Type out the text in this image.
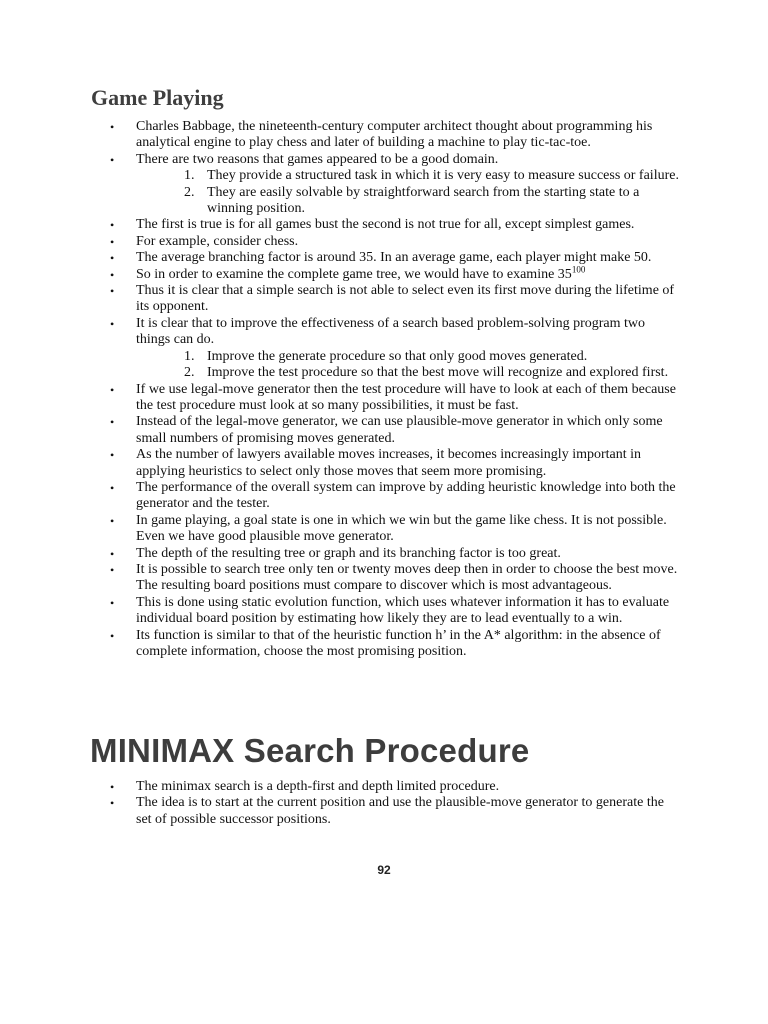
Game Playing
• Charles Babbage, the nineteenth-century computer architect thought about programming his analytical engine to play chess and later of building a machine to play tic-tac-toe.
• There are two reasons that games appeared to be a good domain.
1. They provide a structured task in which it is very easy to measure success or failure.
2. They are easily solvable by straightforward search from the starting state to a winning position.
• The first is true is for all games bust the second is not true for all, except simplest games.
• For example, consider chess.
• The average branching factor is around 35. In an average game, each player might make 50.
• So in order to examine the complete game tree, we would have to examine $35^{100}$
• Thus it is clear that a simple search is not able to select even its first move during the lifetime of its opponent.
• It is clear that to improve the effectiveness of a search based problem-solving program two things can do.
1. Improve the generate procedure so that only good moves generated.
2. Improve the test procedure so that the best move will recognize and explored first.
• If we use legal-move generator then the test procedure will have to look at each of them because the test procedure must look at so many possibilities, it must be fast.
• Instead of the legal-move generator, we can use plausible-move generator in which only some small numbers of promising moves generated.
• As the number of lawyers available moves increases, it becomes increasingly important in applying heuristics to select only those moves that seem more promising.
• The performance of the overall system can improve by adding heuristic knowledge into both the generator and the tester.
• In game playing, a goal state is one in which we win but the game like chess. It is not possible. Even we have good plausible move generator.
• The depth of the resulting tree or graph and its branching factor is too great.
• It is possible to search tree only ten or twenty moves deep then in order to choose the best move. The resulting board positions must compare to discover which is most advantageous.
• This is done using static evolution function, which uses whatever information it has to evaluate individual board position by estimating how likely they are to lead eventually to a win.
• Its function is similar to that of the heuristic function h’ in the A* algorithm: in the absence of complete information, choose the most promising position.
MINIMAX Search Procedure
• The minimax search is a depth-first and depth limited procedure.
• The idea is to start at the current position and use the plausible-move generator to generate the set of possible successor positions.
92
